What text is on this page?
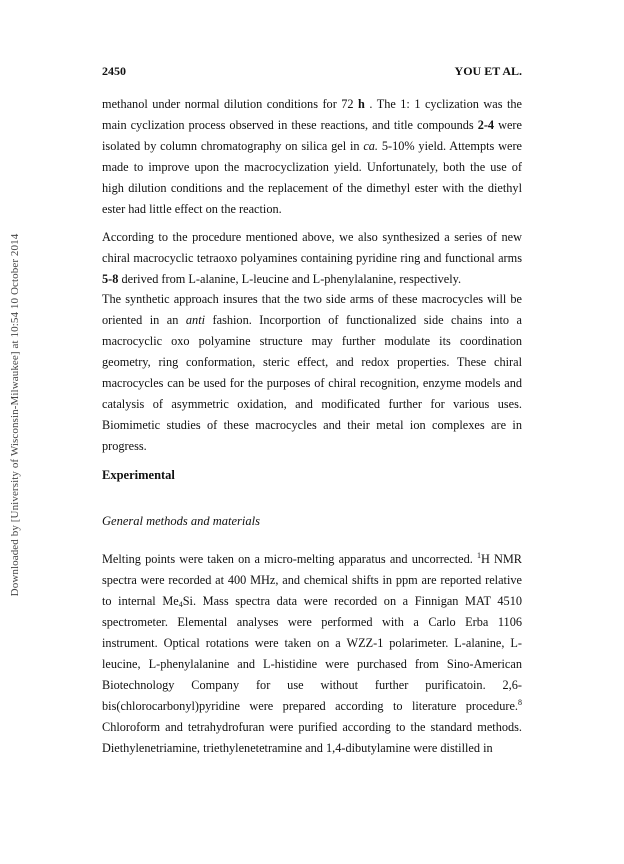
Downloaded by [University of Wisconsin-Milwaukee] at 10:54 10 October 2014
2450	YOU ET AL.

methanol under normal dilution conditions for 72 h . The 1: 1 cyclization was the main cyclization process observed in these reactions, and title compounds 2-4 were isolated by column chromatography on silica gel in ca. 5-10% yield. Attempts were made to improve upon the macrocyclization yield. Unfortunately, both the use of high dilution conditions and the replacement of the dimethyl ester with the diethyl ester had little effect on the reaction.

According to the procedure mentioned above, we also synthesized a series of new chiral macrocyclic tetraoxo polyamines containing pyridine ring and functional arms 5-8 derived from L-alanine, L-leucine and L-phenylalanine, respectively.

The synthetic approach insures that the two side arms of these macrocycles will be oriented in an anti fashion. Incorportion of functionalized side chains into a macrocyclic oxo polyamine structure may further modulate its coordination geometry, ring conformation, steric effect, and redox properties. These chiral macrocycles can be used for the purposes of chiral recognition, enzyme models and catalysis of asymmetric oxidation, and modificated further for various uses. Biomimetic studies of these macrocycles and their metal ion complexes are in progress.

Experimental
General methods and materials

Melting points were taken on a micro-melting apparatus and uncorrected. $^1$H NMR spectra were recorded at 400 MHz, and chemical shifts in ppm are reported relative to internal $Me_4Si$. Mass spectra data were recorded on a Finnigan MAT 4510 spectrometer. Elemental analyses were performed with a Carlo Erba 1106 instrument. Optical rotations were taken on a WZZ-1 polarimeter. L-alanine, L-leucine, L-phenylalanine and L-histidine were purchased from Sino-American Biotechnology Company for use without further purificatoin. 2,6-bis(chlorocarbonyl)pyridine were prepared according to literature procedure.$^8$ Chloroform and tetrahydrofuran were purified according to the standard methods. Diethylenetriamine, triethylenetetramine and 1,4-dibutylamine were distilled in
